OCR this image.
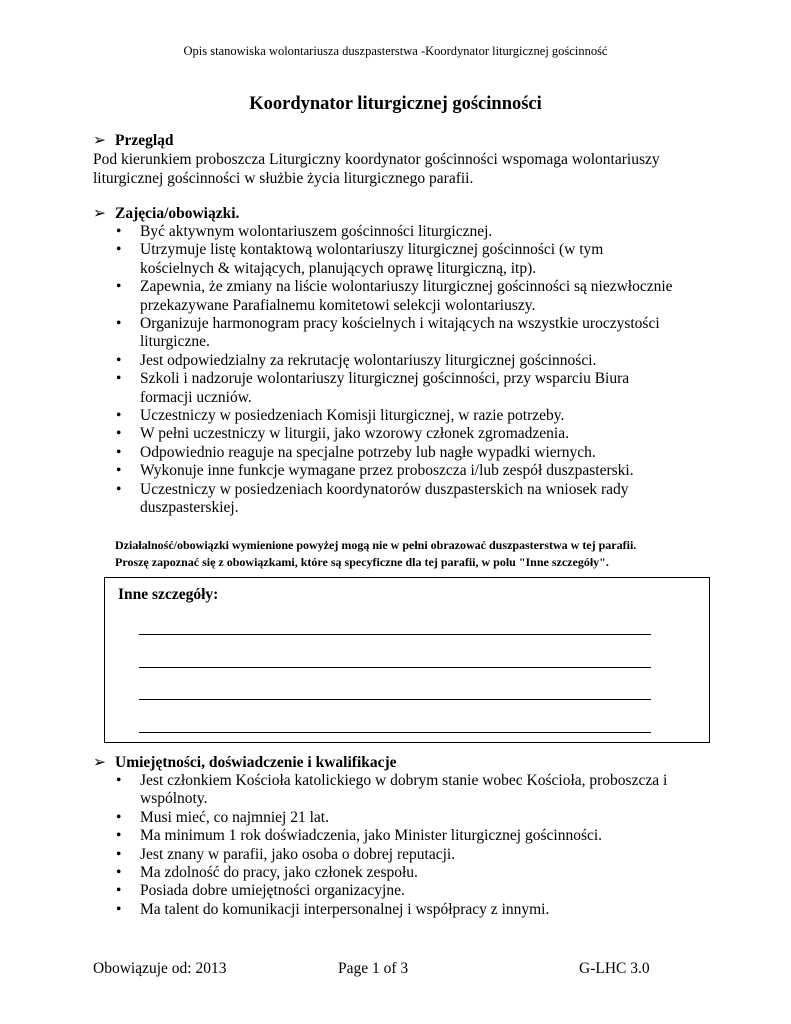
Opis stanowiska wolontariusza duszpasterstwa -Koordynator liturgicznej gościnność
Koordynator liturgicznej gościnności
➢ Przegląd
Pod kierunkiem proboszcza Liturgiczny koordynator gościnności wspomaga wolontariuszy liturgicznej gościnności w służbie życia liturgicznego parafii.
➢ Zajęcia/obowiązki.
• Być aktywnym wolontariuszem gościnności liturgicznej.
• Utrzymuje listę kontaktową wolontariuszy liturgicznej gościnności (w tym kościelnych & witających, planujących oprawę liturgiczną, itp).
• Zapewnia, że zmiany na liście wolontariuszy liturgicznej gościnności są niezwłocznie przekazywane Parafialnemu komitetowi selekcji wolontariuszy.
• Organizuje harmonogram pracy kościelnych i witających na wszystkie uroczystości liturgiczne.
• Jest odpowiedzialny za rekrutację wolontariuszy liturgicznej gościnności.
• Szkoli i nadzoruje wolontariuszy liturgicznej gościnności, przy wsparciu Biura formacji uczniów.
• Uczestniczy w posiedzeniach Komisji liturgicznej, w razie potrzeby.
• W pełni uczestniczy w liturgii, jako wzorowy członek zgromadzenia.
• Odpowiednio reaguje na specjalne potrzeby lub nagłe wypadki wiernych.
• Wykonuje inne funkcje wymagane przez proboszcza i/lub zespół duszpasterski.
• Uczestniczy w posiedzeniach koordynatorów duszpasterskich na wniosek rady duszpasterskiej.
Działalność/obowiązki wymienione powyżej mogą nie w pełni obrazować duszpasterstwa w tej parafii.
Proszę zapoznać się z obowiązkami, które są specyficzne dla tej parafii, w polu "Inne szczegóły".
Inne szczegóły:
➢ Umiejętności, doświadczenie i kwalifikacje
• Jest członkiem Kościoła katolickiego w dobrym stanie wobec Kościoła, proboszcza i wspólnoty.
• Musi mieć, co najmniej 21 lat.
• Ma minimum 1 rok doświadczenia, jako Minister liturgicznej gościnności.
• Jest znany w parafii, jako osoba o dobrej reputacji.
• Ma zdolność do pracy, jako członek zespołu.
• Posiada dobre umiejętności organizacyjne.
• Ma talent do komunikacji interpersonalnej i współpracy z innymi.
Obowiązuje od: 2013	Page 1 of 3	G-LHC 3.0
